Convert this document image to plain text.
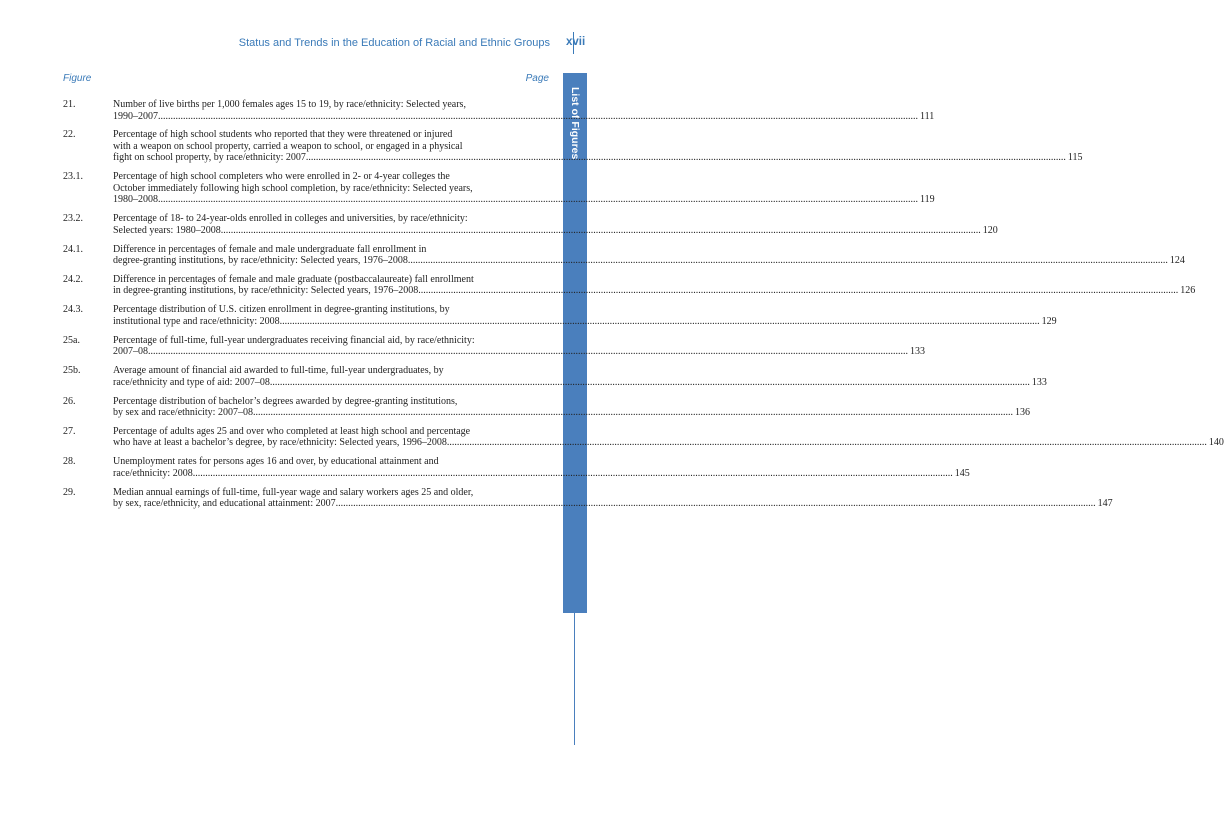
Status and Trends in the Education of Racial and Ethnic Groups xvii
List of Figures
Figure	Page
21.	Number of live births per 1,000 females ages 15 to 19, by race/ethnicity: Selected years,
1990–2007 .....	111
22.	Percentage of high school students who reported that they were threatened or injured
with a weapon on school property, carried a weapon to school, or engaged in a physical
fight on school property, by race/ethnicity: 2007 .....	115
23.1.	Percentage of high school completers who were enrolled in 2- or 4-year colleges the
October immediately following high school completion, by race/ethnicity: Selected years,
1980–2008 .....	119
23.2.	Percentage of 18- to 24-year-olds enrolled in colleges and universities, by race/ethnicity:
Selected years: 1980–2008 .....	120
24.1.	Difference in percentages of female and male undergraduate fall enrollment in
degree-granting institutions, by race/ethnicity: Selected years, 1976–2008 .....	124
24.2.	Difference in percentages of female and male graduate (postbaccalaureate) fall enrollment
in degree-granting institutions, by race/ethnicity: Selected years, 1976–2008 .....	126
24.3.	Percentage distribution of U.S. citizen enrollment in degree-granting institutions, by
institutional type and race/ethnicity: 2008 .....	129
25a.	Percentage of full-time, full-year undergraduates receiving financial aid, by race/ethnicity:
2007–08 .....	133
25b.	Average amount of financial aid awarded to full-time, full-year undergraduates, by
race/ethnicity and type of aid: 2007–08 .....	133
26.	Percentage distribution of bachelor’s degrees awarded by degree-granting institutions,
by sex and race/ethnicity: 2007–08 .....	136
27.	Percentage of adults ages 25 and over who completed at least high school and percentage
who have at least a bachelor’s degree, by race/ethnicity: Selected years, 1996–2008 .....	140
28.	Unemployment rates for persons ages 16 and over, by educational attainment and
race/ethnicity: 2008 .....	145
29.	Median annual earnings of full-time, full-year wage and salary workers ages 25 and older,
by sex, race/ethnicity, and educational attainment: 2007 .....	147
